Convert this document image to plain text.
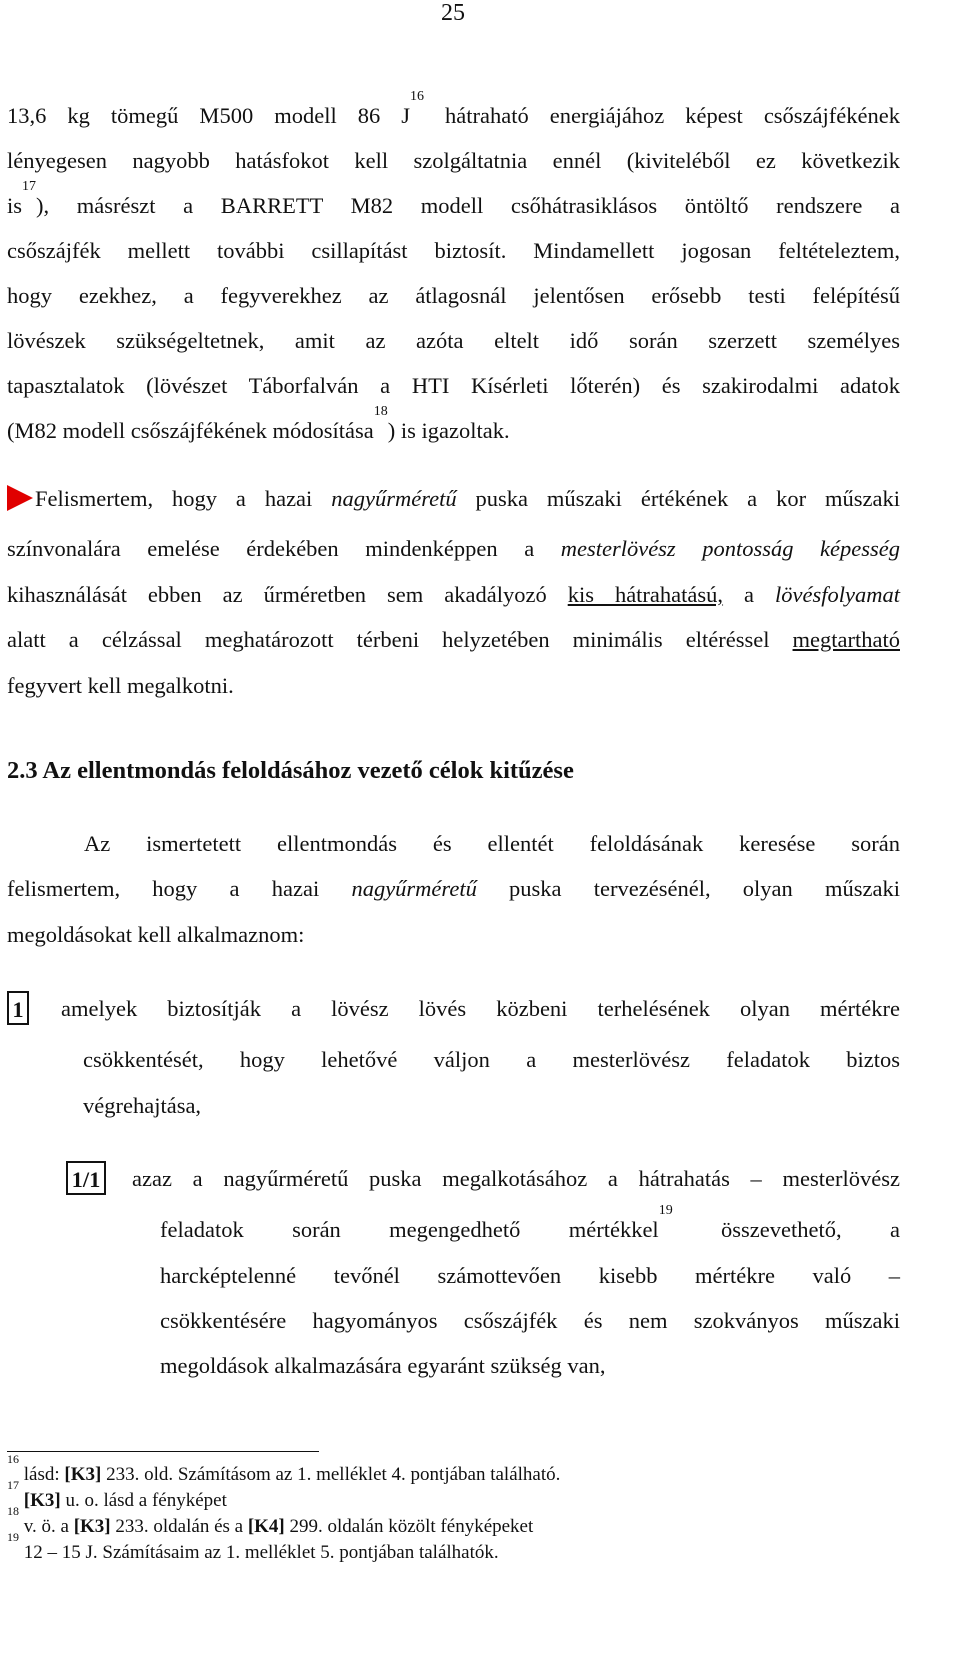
25
13,6 kg tömegű M500 modell 86 $J^{16}$ hátraható energiájához képest csőszájfékének
lényegesen nagyobb hatásfokot kell szolgáltatnia ennél (kiviteléből ez következik
$is^{17}$), másrészt a BARRETT M82 modell csőhátrasiklásos öntöltő rendszere a
csőszájfék mellett további csillapítást biztosít. Mindamellett jogosan feltételeztem,
hogy ezekhez, a fegyverekhez az átlagosnál jelentősen erősebb testi felépítésű
lövészek szükségeltetnek, amit az azóta eltelt idő során szerzett személyes
tapasztalatok (lövészet Táborfalván a HTI Kísérleti lőterén) és szakirodalmi adatok
(M82 modell csőszájfékének módosítása$^{18}$) is igazoltak.
Felismertem, hogy a hazai nagyűrméretű puska műszaki értékének a kor műszaki
színvonalára emelése érdekében mindenképpen a mesterlövész pontosság képesség
kihasználását ebben az űrméretben sem akadályozó kis hátrahatású, a lövésfolyamat
alatt a célzással meghatározott térbeni helyzetében minimális eltéréssel megtartható
fegyvert kell megalkotni.
2.3 Az ellentmondás feloldásához vezető célok kitűzése
Az ismertetett ellentmondás és ellentét feloldásának keresése során
felismertem, hogy a hazai nagyűrméretű puska tervezésénél, olyan műszaki
megoldásokat kell alkalmaznom:
1 amelyek biztosítják a lövész lövés közbeni terhelésének olyan mértékre
csökkentését, hogy lehetővé váljon a mesterlövész feladatok biztos
végrehajtása,
1/1 azaz a nagyűrméretű puska megalkotásához a hátrahatás – mesterlövész
feladatok során megengedhető mértékkel$^{19}$ összevethető, a
harcképtelenné tevőnél számottevően kisebb mértékre való –
csökkentésére hagyományos csőszájfék és nem szokványos műszaki
megoldások alkalmazására egyaránt szükség van,
$^{16}$ lásd: [K3] 233. old. Számításom az 1. melléklet 4. pontjában található.
$^{17}$ [K3] u. o. lásd a fényképet
$^{18}$ v. ö. a [K3] 233. oldalán és a [K4] 299. oldalán közölt fényképeket
$^{19}$ 12 – 15 J. Számításaim az 1. melléklet 5. pontjában találhatók.
